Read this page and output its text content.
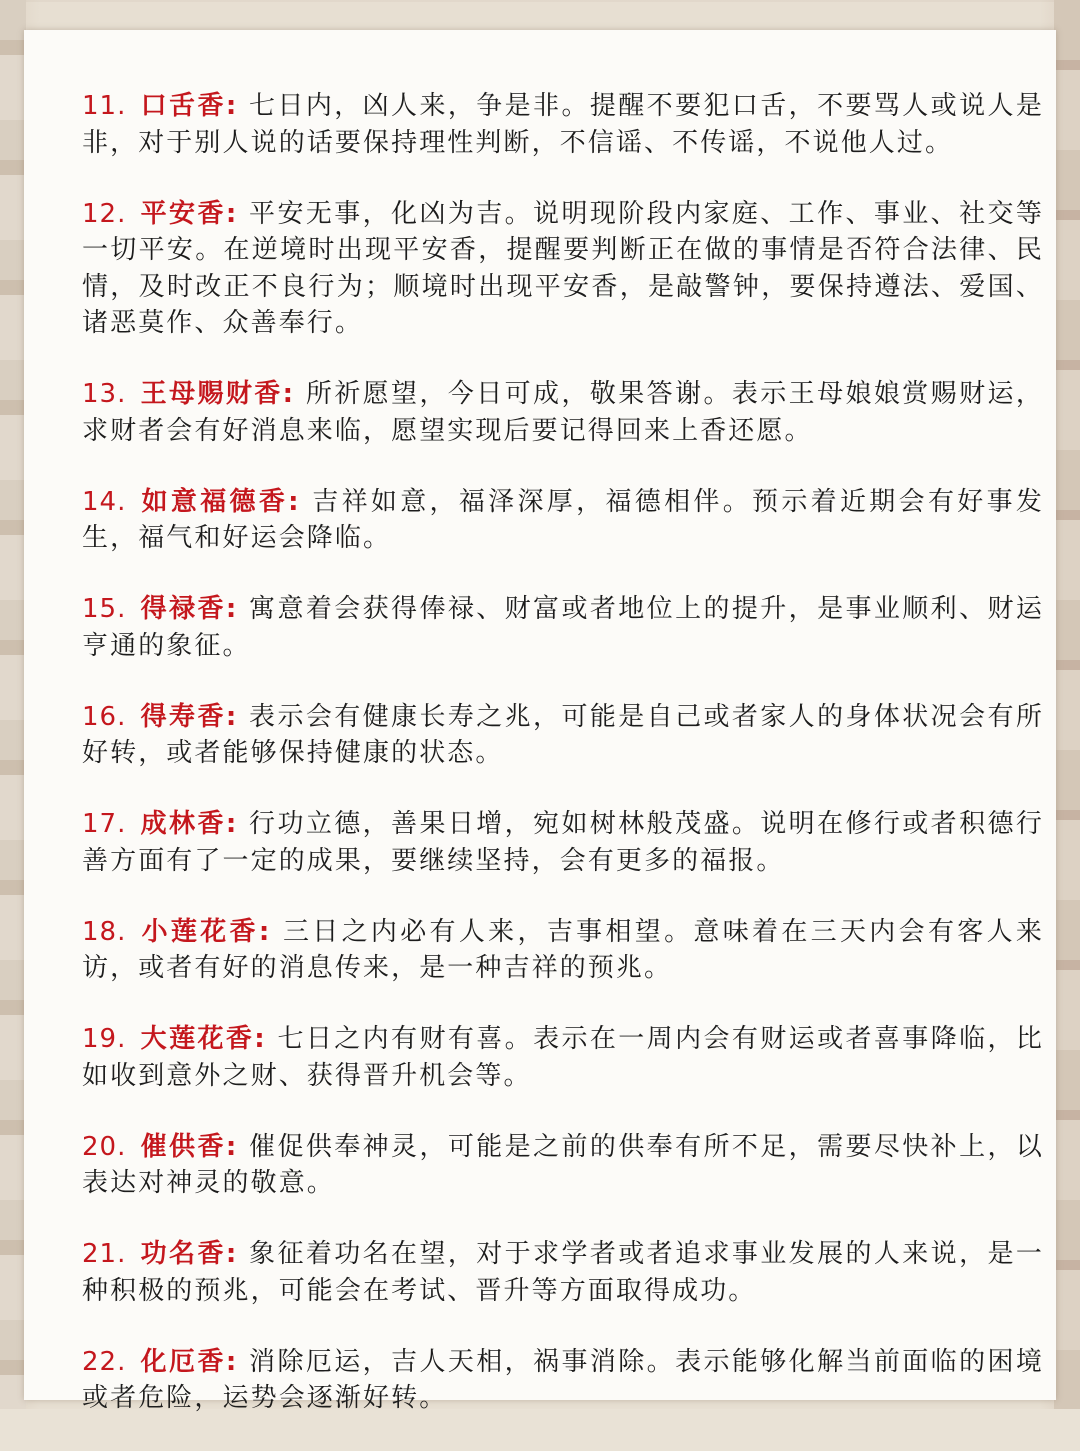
11. 口舌香: 七日内，凶人来，争是非。提醒不要犯口舌，不要骂人或说人是非，对于别人说的话要保持理性判断，不信谣、不传谣，不说他人过。

12. 平安香: 平安无事，化凶为吉。说明现阶段内家庭、工作、事业、社交等一切平安。在逆境时出现平安香，提醒要判断正在做的事情是否符合法律、民情，及时改正不良行为；顺境时出现平安香，是敲警钟，要保持遵法、爱国、诸恶莫作、众善奉行。

13. 王母赐财香: 所祈愿望，今日可成，敬果答谢。表示王母娘娘赏赐财运，求财者会有好消息来临，愿望实现后要记得回来上香还愿。

14. 如意福德香: 吉祥如意，福泽深厚，福德相伴。预示着近期会有好事发生，福气和好运会降临。

15. 得禄香: 寓意着会获得俸禄、财富或者地位上的提升，是事业顺利、财运亨通的象征。

16. 得寿香: 表示会有健康长寿之兆，可能是自己或者家人的身体状况会有所好转，或者能够保持健康的状态。

17. 成林香: 行功立德，善果日增，宛如树林般茂盛。说明在修行或者积德行善方面有了一定的成果，要继续坚持，会有更多的福报。

18. 小莲花香: 三日之内必有人来，吉事相望。意味着在三天内会有客人来访，或者有好的消息传来，是一种吉祥的预兆。

19. 大莲花香: 七日之内有财有喜。表示在一周内会有财运或者喜事降临，比如收到意外之财、获得晋升机会等。

20. 催供香: 催促供奉神灵，可能是之前的供奉有所不足，需要尽快补上，以表达对神灵的敬意。

21. 功名香: 象征着功名在望，对于求学者或者追求事业发展的人来说，是一种积极的预兆，可能会在考试、晋升等方面取得成功。

22. 化厄香: 消除厄运，吉人天相，祸事消除。表示能够化解当前面临的困境或者危险，运势会逐渐好转。
